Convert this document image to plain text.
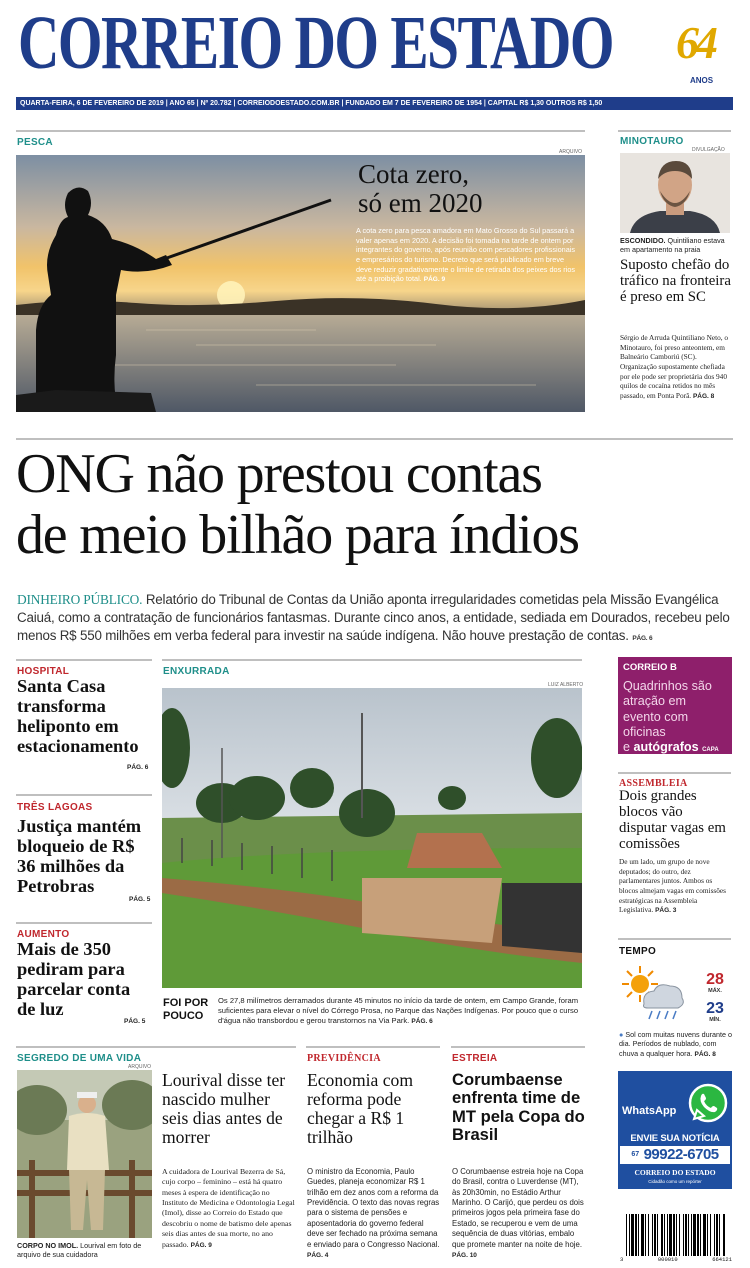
CORREIO DO ESTADO 64
ANOS
QUARTA-FEIRA, 6 DE FEVEREIRO DE 2019 | ANO 65 | Nº 20.782 | CORREIODOESTADO.COM.BR | FUNDADO EM 7 DE FEVEREIRO DE 1954 | CAPITAL R$ 1,30 OUTROS R$ 1,50
PESCA
ARQUIVO
Cota zero,
só em 2020
A cota zero para pesca amadora em Mato Grosso do Sul passará a valer apenas em 2020. A decisão foi tomada na tarde de ontem por integrantes do governo, após reunião com pescadores profissionais e empresários do turismo. Decreto que será publicado em breve deve reduzir gradativamente o limite de retirada dos peixes dos rios até a proibição total. PÁG. 9
MINOTAURO
DIVULGAÇÃO
ESCONDIDO. Quintiliano estava em apartamento na praia
Suposto chefão do tráfico na fronteira é preso em SC
Sérgio de Arruda Quintiliano Neto, o Minotauro, foi preso anteontem, em Balneário Camboriú (SC). Organização supostamente chefiada por ele pode ser proprietária dos 940 quilos de cocaína retidos no mês passado, em Ponta Porã. PÁG. 8
ONG não prestou contas
de meio bilhão para índios
DINHEIRO PÚBLICO. Relatório do Tribunal de Contas da União aponta irregularidades cometidas pela Missão Evangélica Caiuá, como a contratação de funcionários fantasmas. Durante cinco anos, a entidade, sediada em Dourados, recebeu pelo menos R$ 550 milhões em verba federal para investir na saúde indígena. Não houve prestação de contas. PÁG. 6
HOSPITAL
Santa Casa transforma heliponto em estacionamento
PÁG. 6
TRÊS LAGOAS
Justiça mantém bloqueio de R$ 36 milhões da Petrobras
PÁG. 5
AUMENTO
Mais de 350 pediram para parcelar conta de luz
PÁG. 5
ENXURRADA
LUIZ ALBERTO
FOI POR POUCO
Os 27,8 milímetros derramados durante 45 minutos no início da tarde de ontem, em Campo Grande, foram suficientes para elevar o nível do Córrego Prosa, no Parque das Nações Indígenas. Por pouco que o curso d'água não transbordou e gerou transtornos na Via Park. PÁG. 6
CORREIO B
Quadrinhos são atração em evento com oficinas
e autógrafos CAPA
ASSEMBLEIA
Dois grandes blocos vão disputar vagas em comissões
De um lado, um grupo de nove deputados; do outro, dez parlamentares juntos. Ambos os blocos almejam vagas em comissões estratégicas na Assembleia Legislativa. PÁG. 3
TEMPO
28
MÁX.
23
MÍN.
● Sol com muitas nuvens durante o dia. Períodos de nublado, com chuva a qualquer hora. PÁG. 8
SEGREDO DE UMA VIDA
ARQUIVO
CORPO NO IMOL. Lourival em foto de arquivo de sua cuidadora
Lourival disse ter nascido mulher seis dias antes de morrer
A cuidadora de Lourival Bezerra de Sá, cujo corpo – feminino – está há quatro meses à espera de identificação no Instituto de Medicina e Odontologia Legal (Imol), disse ao Correio do Estado que descobriu o nome de batismo dele apenas seis dias antes de sua morte, no ano passado. PÁG. 9
PREVIDÊNCIA
Economia com reforma pode chegar a R$ 1 trilhão
O ministro da Economia, Paulo Guedes, planeja economizar R$ 1 trilhão em dez anos com a reforma da Previdência. O texto das novas regras para o sistema de pensões e aposentadoria do governo federal deve ser fechado na próxima semana e enviado para o Congresso Nacional. PÁG. 4
ESTREIA
Corumbaense enfrenta time de MT pela Copa do Brasil
O Corumbaense estreia hoje na Copa do Brasil, contra o Luverdense (MT), às 20h30min, no Estádio Arthur Marinho. O Carijó, que perdeu os dois primeiros jogos pela primeira fase do Estado, se recuperou e vem de uma sequência de duas vitórias, embalo que promete manter na noite de hoje. PÁG. 10
WhatsApp
ENVIE SUA NOTÍCIA
$^{67}$ 99922-6705
CORREIO DO ESTADO
Cidadão como um repórter
3	000010	664121
